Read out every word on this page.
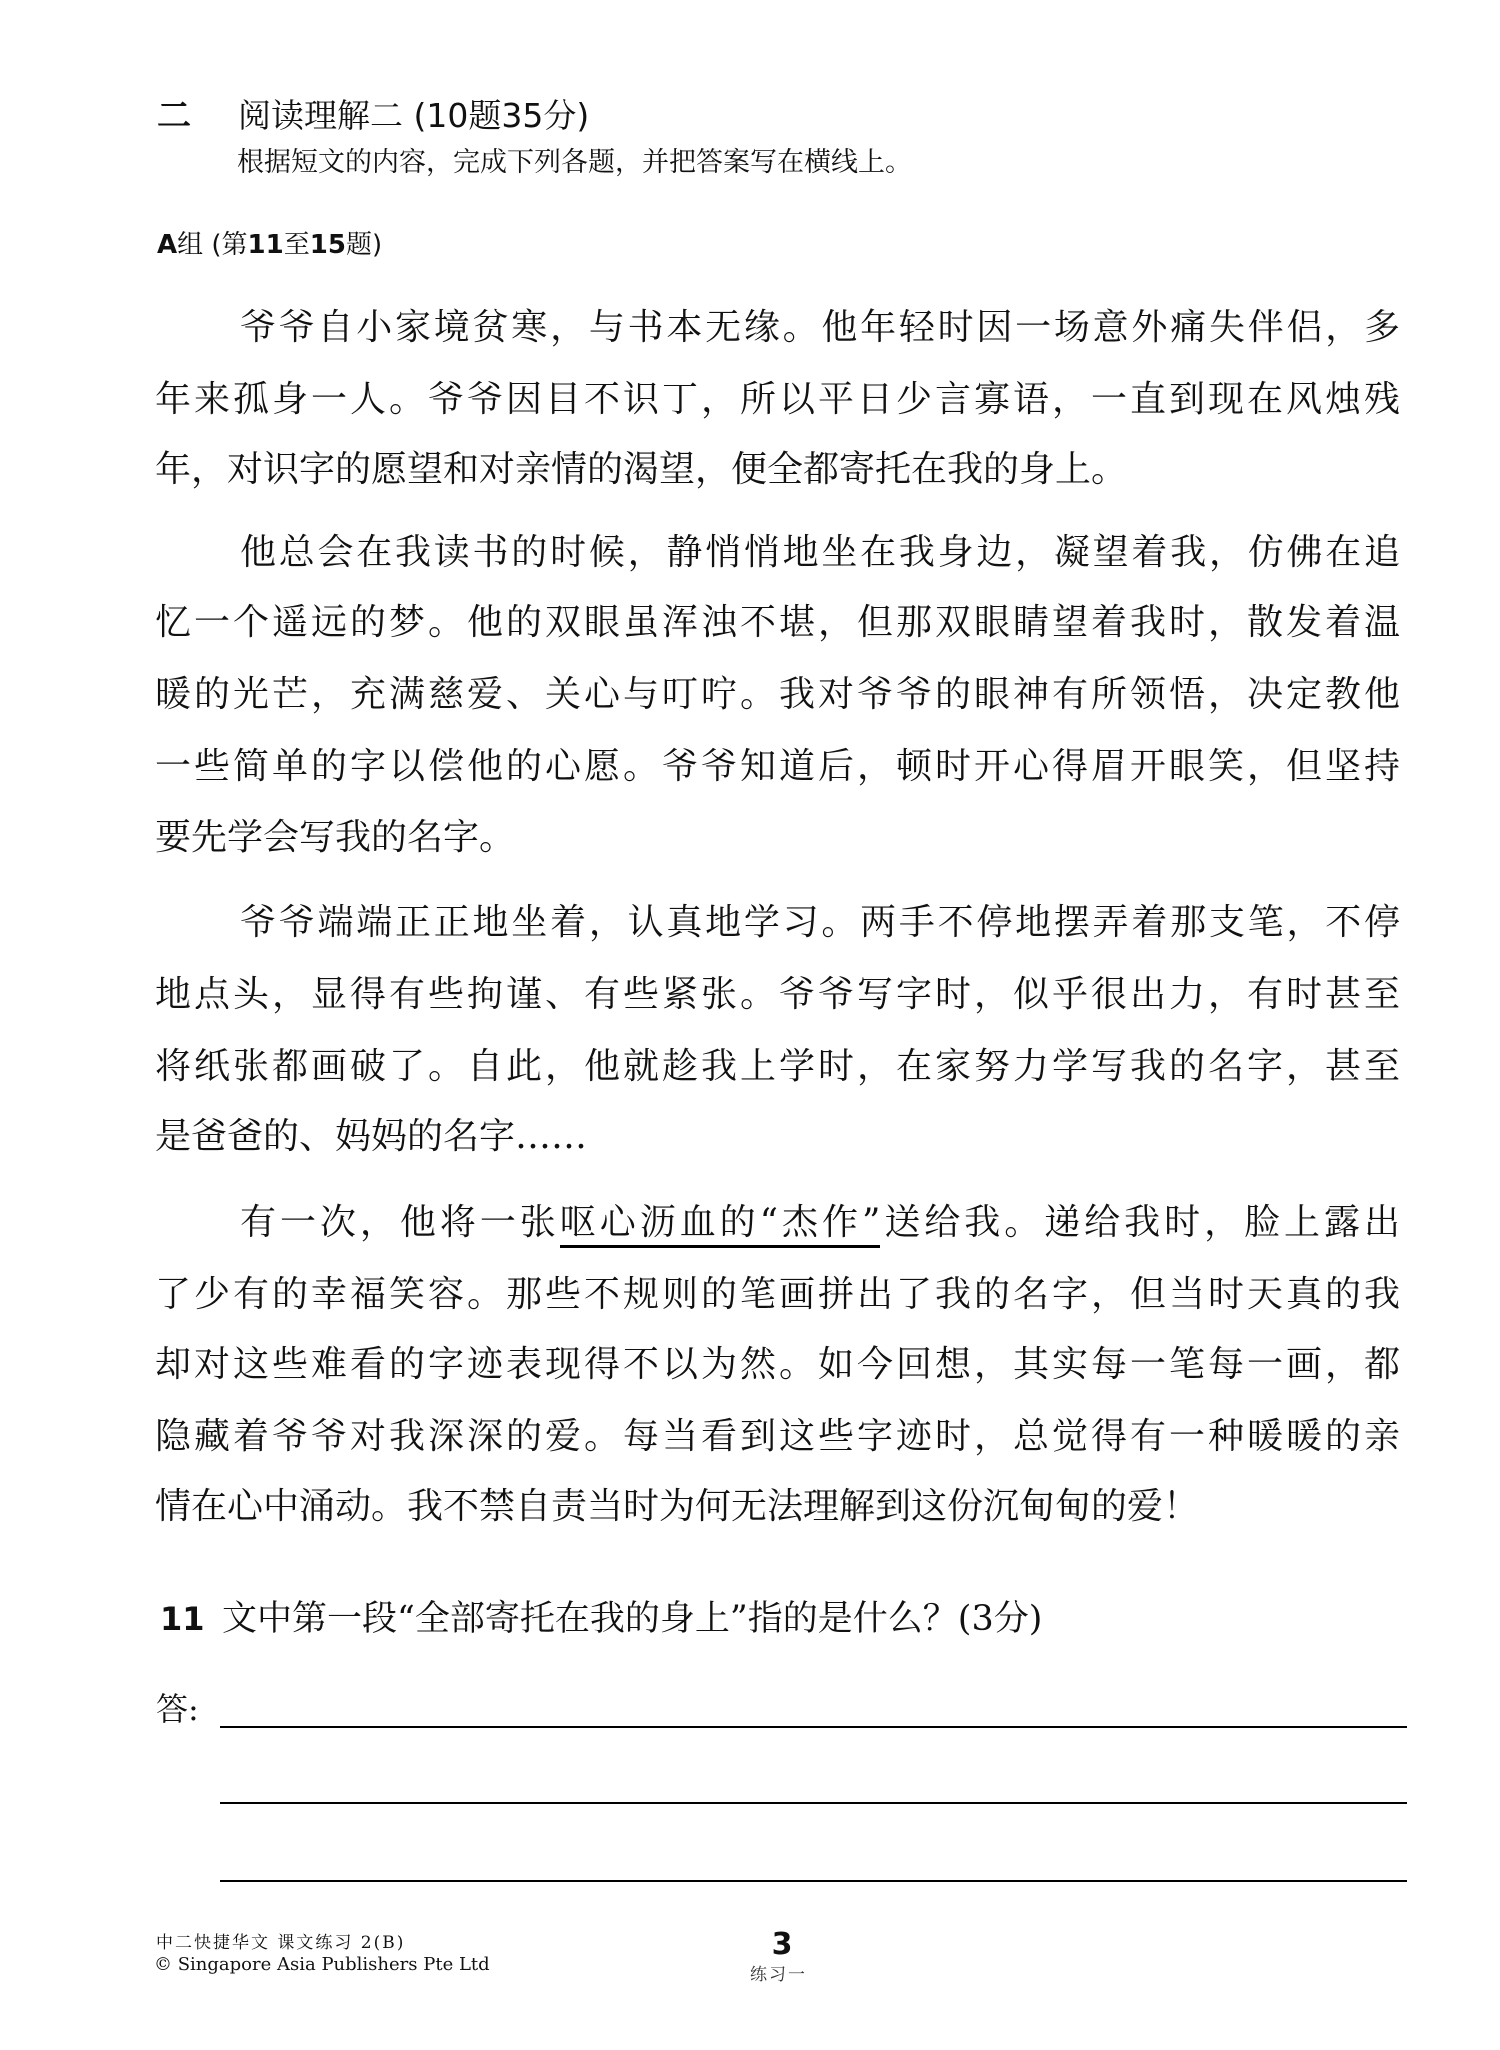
二 阅读理解二 (10题35分)
根据短文的内容，完成下列各题，并把答案写在横线上。
A组 (第11至15题)
爷爷自小家境贫寒，与书本无缘。他年轻时因一场意外痛失伴侣，多
年来孤身一人。爷爷因目不识丁，所以平日少言寡语，一直到现在风烛残
年，对识字的愿望和对亲情的渴望，便全都寄托在我的身上。
他总会在我读书的时候，静悄悄地坐在我身边，凝望着我，仿佛在追
忆一个遥远的梦。他的双眼虽浑浊不堪，但那双眼睛望着我时，散发着温
暖的光芒，充满慈爱、关心与叮咛。我对爷爷的眼神有所领悟，决定教他
一些简单的字以偿他的心愿。爷爷知道后，顿时开心得眉开眼笑，但坚持
要先学会写我的名字。
爷爷端端正正地坐着，认真地学习。两手不停地摆弄着那支笔，不停
地点头，显得有些拘谨、有些紧张。爷爷写字时，似乎很出力，有时甚至
将纸张都画破了。自此，他就趁我上学时，在家努力学写我的名字，甚至
是爸爸的、妈妈的名字……
有一次，他将一张呕心沥血的“杰作”送给我。递给我时，脸上露出
了少有的幸福笑容。那些不规则的笔画拼出了我的名字，但当时天真的我
却对这些难看的字迹表现得不以为然。如今回想，其实每一笔每一画，都
隐藏着爷爷对我深深的爱。每当看到这些字迹时，总觉得有一种暖暖的亲
情在心中涌动。我不禁自责当时为何无法理解到这份沉甸甸的爱！
11 文中第一段“全部寄托在我的身上”指的是什么？(3分)
答:
中二快捷华文 课文练习 2(B)
© Singapore Asia Publishers Pte Ltd
3
练习一
